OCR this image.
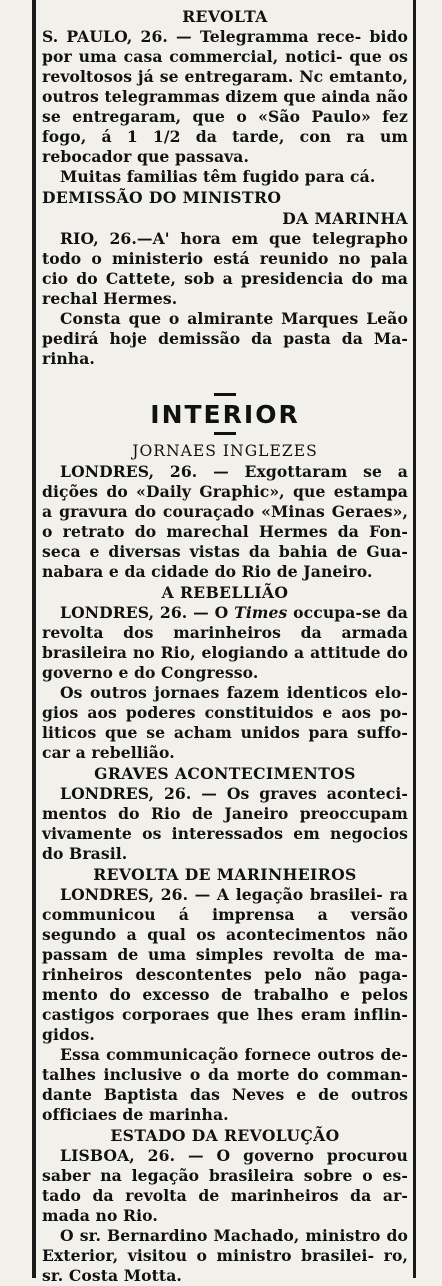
REVOLTA

S. PAULO, 26. — Telegramma rece- bido por uma casa commercial, notici- que os revoltosos já se entregaram. Nc emtanto, outros telegrammas dizem que ainda não se entregaram, que o «São Paulo» fez fogo, á 1 1/2 da tarde, con ra um rebocador que passava.

Muitas familias têm fugido para cá.

DEMISSÃO DO MINISTRO
DA MARINHA

RIO, 26.—A' hora em que telegrapho todo o ministerio está reunido no pala cio do Cattete, sob a presidencia do ma rechal Hermes.

Consta que o almirante Marques Leão pedirá hoje demissão da pasta da Ma- rinha.

INTERIOR
JORNAES INGLEZES

LONDRES, 26. — Exgottaram se a dições do «Daily Graphic», que estampa a gravura do couraçado «Minas Geraes», o retrato do marechal Hermes da Fon- seca e diversas vistas da bahia de Gua- nabara e da cidade do Rio de Janeiro.

A REBELLIÃO

LONDRES, 26. — O Times occupa-se da revolta dos marinheiros da armada brasileira no Rio, elogiando a attitude do governo e do Congresso.

Os outros jornaes fazem identicos elo- gios aos poderes constituidos e aos po- liticos que se acham unidos para suffo- car a rebellião.

GRAVES ACONTECIMENTOS

LONDRES, 26. — Os graves aconteci- mentos do Rio de Janeiro preoccupam vivamente os interessados em negocios do Brasil.

REVOLTA DE MARINHEIROS

LONDRES, 26. — A legação brasilei- ra communicou á imprensa a versão segundo a qual os acontecimentos não passam de uma simples revolta de ma- rinheiros descontentes pelo não paga- mento do excesso de trabalho e pelos castigos corporaes que lhes eram inflin- gidos.

Essa communicação fornece outros de- talhes inclusive o da morte do comman- dante Baptista das Neves e de outros officiaes de marinha.

ESTADO DA REVOLUÇÃO

LISBOA, 26. — O governo procurou saber na legação brasileira sobre o es- tado da revolta de marinheiros da ar- mada no Rio.

O sr. Bernardino Machado, ministro do Exterior, visitou o ministro brasilei- ro, sr. Costa Motta.
